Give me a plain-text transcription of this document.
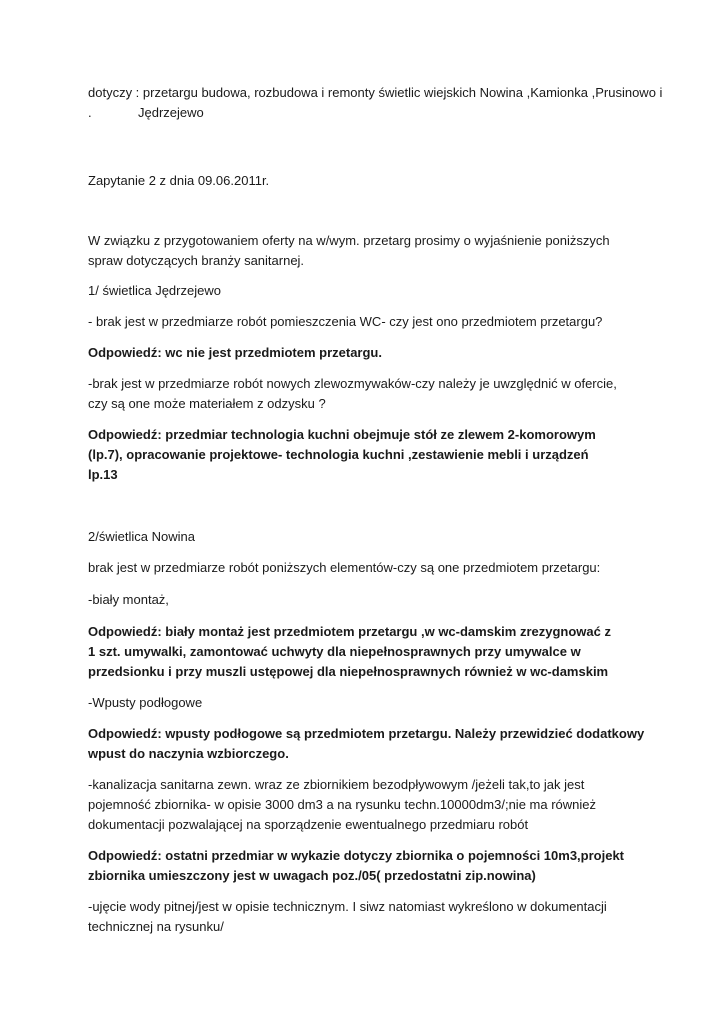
dotyczy : przetargu budowa, rozbudowa i remonty świetlic wiejskich Nowina ,Kamionka ,Prusinowo i

.	Jędrzejewo

Zapytanie 2 z dnia 09.06.2011r.

W związku z przygotowaniem oferty na w/wym. przetarg prosimy o wyjaśnienie poniższych spraw dotyczących branży sanitarnej.

1/ świetlica Jędrzejewo

- brak jest w przedmiarze robót pomieszczenia WC- czy jest ono przedmiotem przetargu?

Odpowiedź: wc nie jest przedmiotem przetargu.

-brak jest w przedmiarze robót nowych zlewozmywaków-czy należy je uwzględnić w ofercie, czy są one może materiałem z odzysku ?

Odpowiedź: przedmiar technologia kuchni obejmuje stół ze zlewem 2-komorowym (lp.7), opracowanie projektowe- technologia kuchni ,zestawienie mebli i urządzeń lp.13

2/świetlica Nowina

brak jest w przedmiarze robót poniższych elementów-czy są one przedmiotem przetargu:

-biały montaż,

Odpowiedź: biały montaż jest przedmiotem przetargu ,w wc-damskim zrezygnować z 1 szt. umywalki, zamontować uchwyty dla niepełnosprawnych przy umywalce w przedsionku i przy muszli ustępowej dla niepełnosprawnych również w wc-damskim

-Wpusty podłogowe

Odpowiedź: wpusty podłogowe są przedmiotem przetargu. Należy przewidzieć dodatkowy wpust do naczynia wzbiorczego.

-kanalizacja sanitarna zewn. wraz ze zbiornikiem bezodpływowym /jeżeli tak,to jak jest pojemność zbiornika- w opisie 3000 dm3 a na rysunku techn.10000dm3/;nie ma również dokumentacji pozwalającej na sporządzenie ewentualnego przedmiaru robót

Odpowiedź: ostatni przedmiar w wykazie dotyczy zbiornika o pojemności 10m3,projekt zbiornika umieszczony jest w uwagach poz./05( przedostatni zip.nowina)

-ujęcie wody pitnej/jest w opisie technicznym. I siwz natomiast wykreślono w dokumentacji technicznej na rysunku/
